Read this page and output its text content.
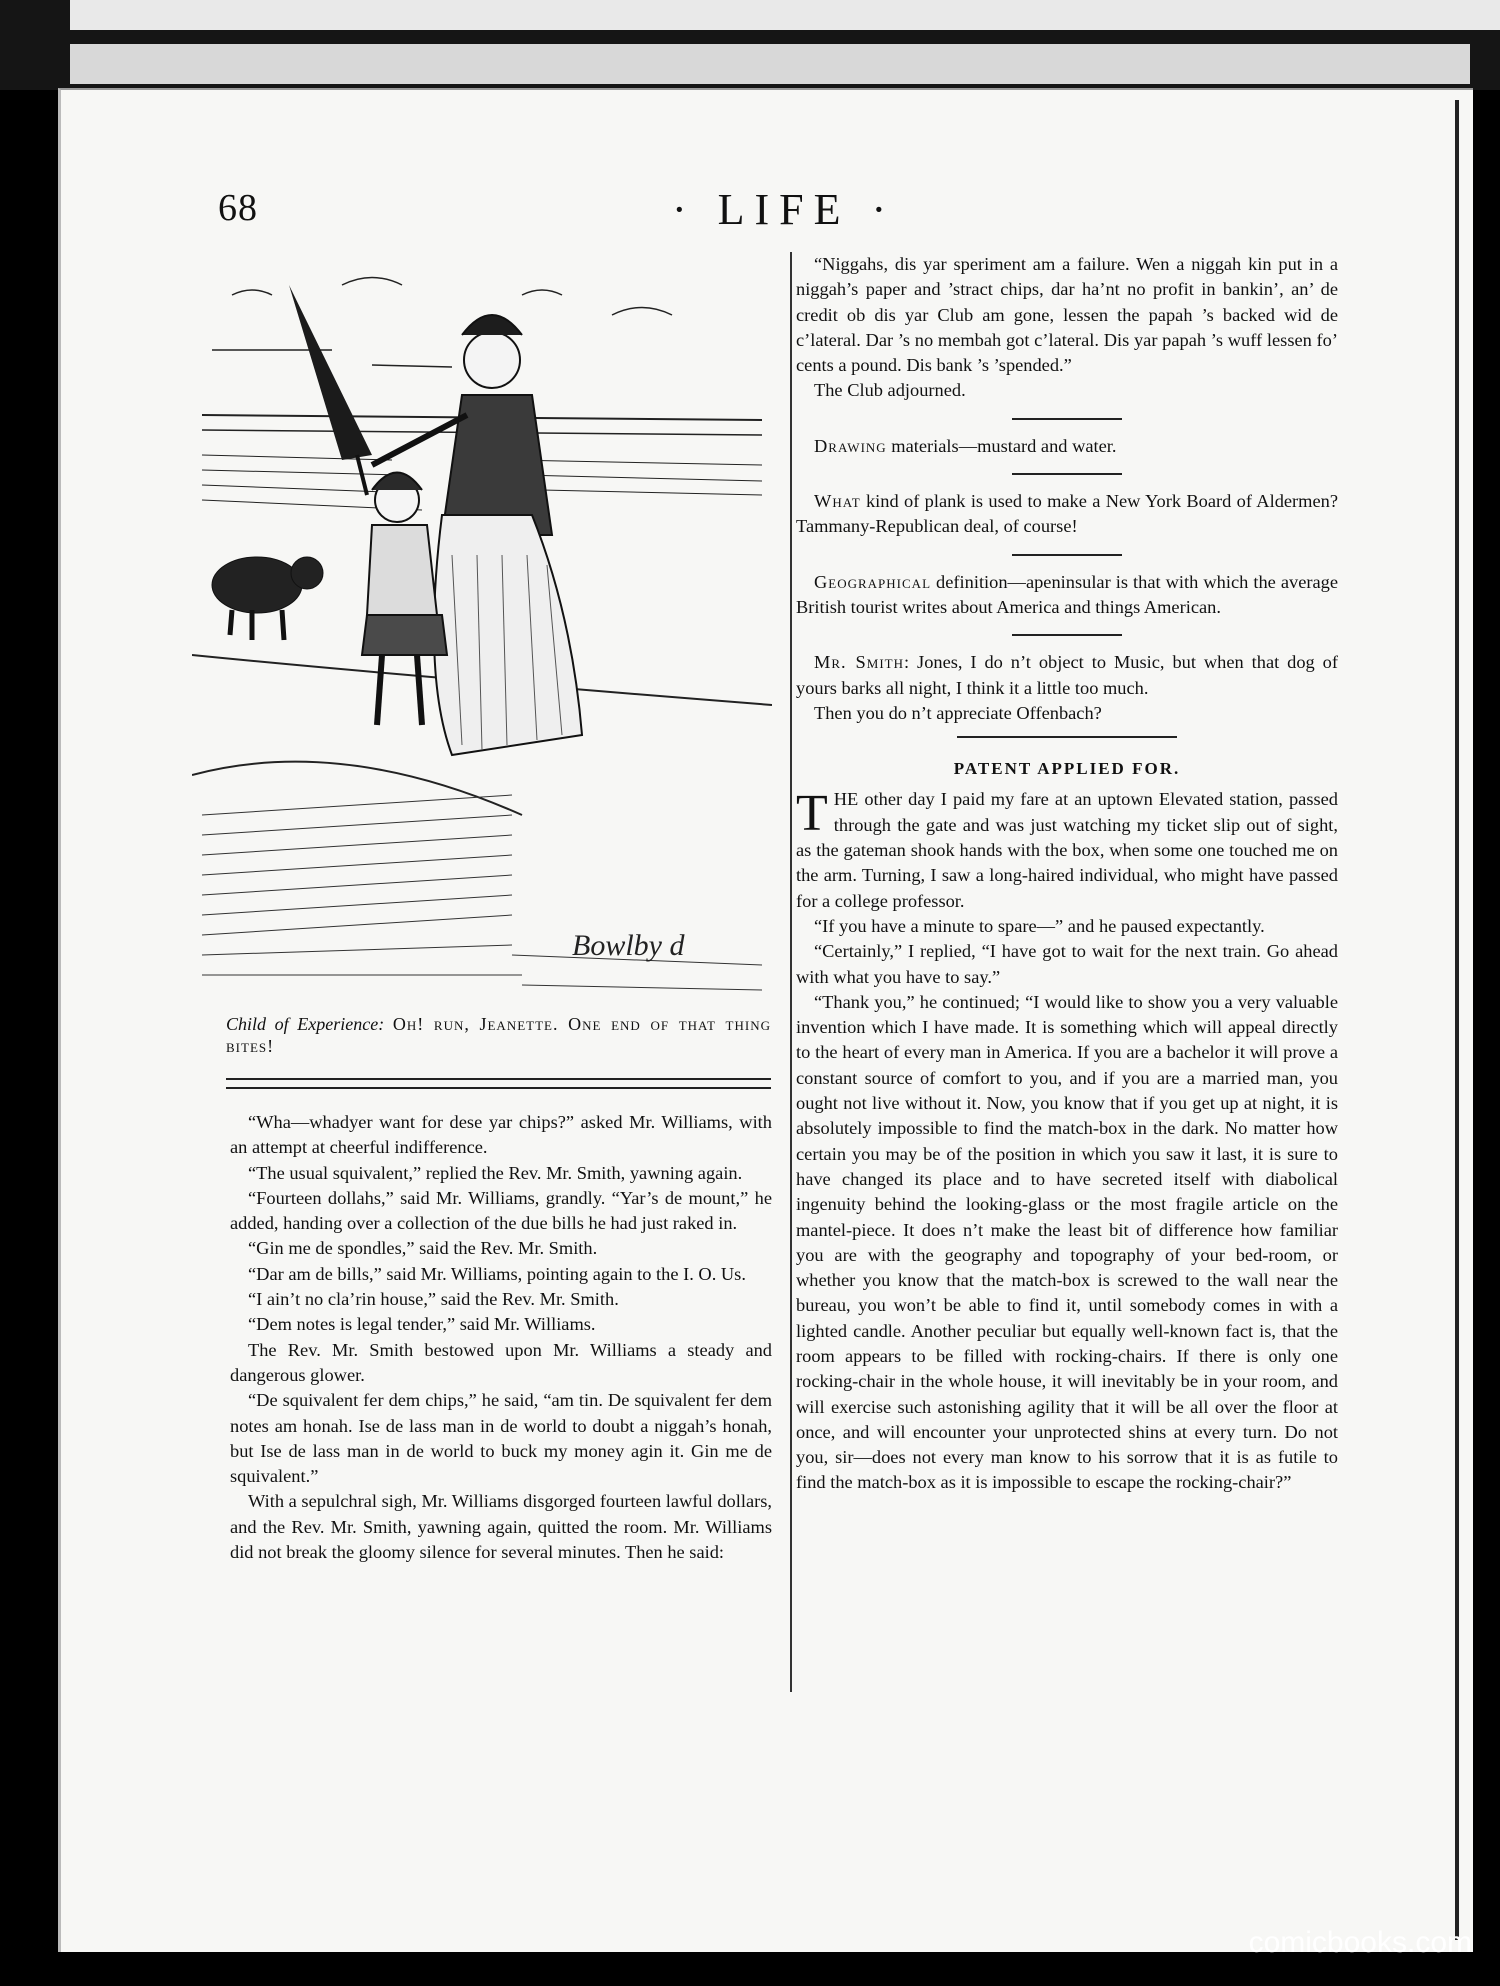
68	· LIFE ·
Bowlby d
Child of Experience: Oh! run, Jeanette. One end of that thing bites!

“Wha—whadyer want for dese yar chips?” asked Mr. Williams, with an attempt at cheerful indifference.

“The usual squivalent,” replied the Rev. Mr. Smith, yawning again.

“Fourteen dollahs,” said Mr. Williams, grandly. “Yar’s de mount,” he added, handing over a collection of the due bills he had just raked in.

“Gin me de spondles,” said the Rev. Mr. Smith.

“Dar am de bills,” said Mr. Williams, pointing again to the I. O. Us.

“I ain’t no cla’rin house,” said the Rev. Mr. Smith.

“Dem notes is legal tender,” said Mr. Williams.

The Rev. Mr. Smith bestowed upon Mr. Williams a steady and dangerous glower.

“De squivalent fer dem chips,” he said, “am tin. De squivalent fer dem notes am honah. Ise de lass man in de world to doubt a niggah’s honah, but Ise de lass man in de world to buck my money agin it. Gin me de squivalent.”

With a sepulchral sigh, Mr. Williams disgorged fourteen lawful dollars, and the Rev. Mr. Smith, yawning again, quitted the room. Mr. Williams did not break the gloomy silence for several minutes. Then he said:

“Niggahs, dis yar speriment am a failure. Wen a niggah kin put in a niggah’s paper and ’stract chips, dar ha’nt no profit in bankin’, an’ de credit ob dis yar Club am gone, lessen the papah ’s backed wid de c’lateral. Dar ’s no membah got c’lateral. Dis yar papah ’s wuff lessen fo’ cents a pound. Dis bank ’s ’spended.”

The Club adjourned.

Drawing materials—mustard and water.

What kind of plank is used to make a New York Board of Aldermen? Tammany-Republican deal, of course!

Geographical definition—apeninsular is that with which the average British tourist writes about America and things American.

Mr. Smith: Jones, I do n’t object to Music, but when that dog of yours barks all night, I think it a little too much.

Then you do n’t appreciate Offenbach?

PATENT APPLIED FOR.

THE other day I paid my fare at an uptown Elevated station, passed through the gate and was just watching my ticket slip out of sight, as the gateman shook hands with the box, when some one touched me on the arm. Turning, I saw a long-haired individual, who might have passed for a college professor.

“If you have a minute to spare—” and he paused expectantly.

“Certainly,” I replied, “I have got to wait for the next train. Go ahead with what you have to say.”

“Thank you,” he continued; “I would like to show you a very valuable invention which I have made. It is something which will appeal directly to the heart of every man in America. If you are a bachelor it will prove a constant source of comfort to you, and if you are a married man, you ought not live without it. Now, you know that if you get up at night, it is absolutely impossible to find the match-box in the dark. No matter how certain you may be of the position in which you saw it last, it is sure to have changed its place and to have secreted itself with diabolical ingenuity behind the looking-glass or the most fragile article on the mantel-piece. It does n’t make the least bit of difference how familiar you are with the geography and topography of your bed-room, or whether you know that the match-box is screwed to the wall near the bureau, you won’t be able to find it, until somebody comes in with a lighted candle. Another peculiar but equally well-known fact is, that the room appears to be filled with rocking-chairs. If there is only one rocking-chair in the whole house, it will inevitably be in your room, and will exercise such astonishing agility that it will be all over the floor at once, and will encounter your unprotected shins at every turn. Do not you, sir—does not every man know to his sorrow that it is as futile to find the match-box as it is impossible to escape the rocking-chair?”

comicbooks.com
